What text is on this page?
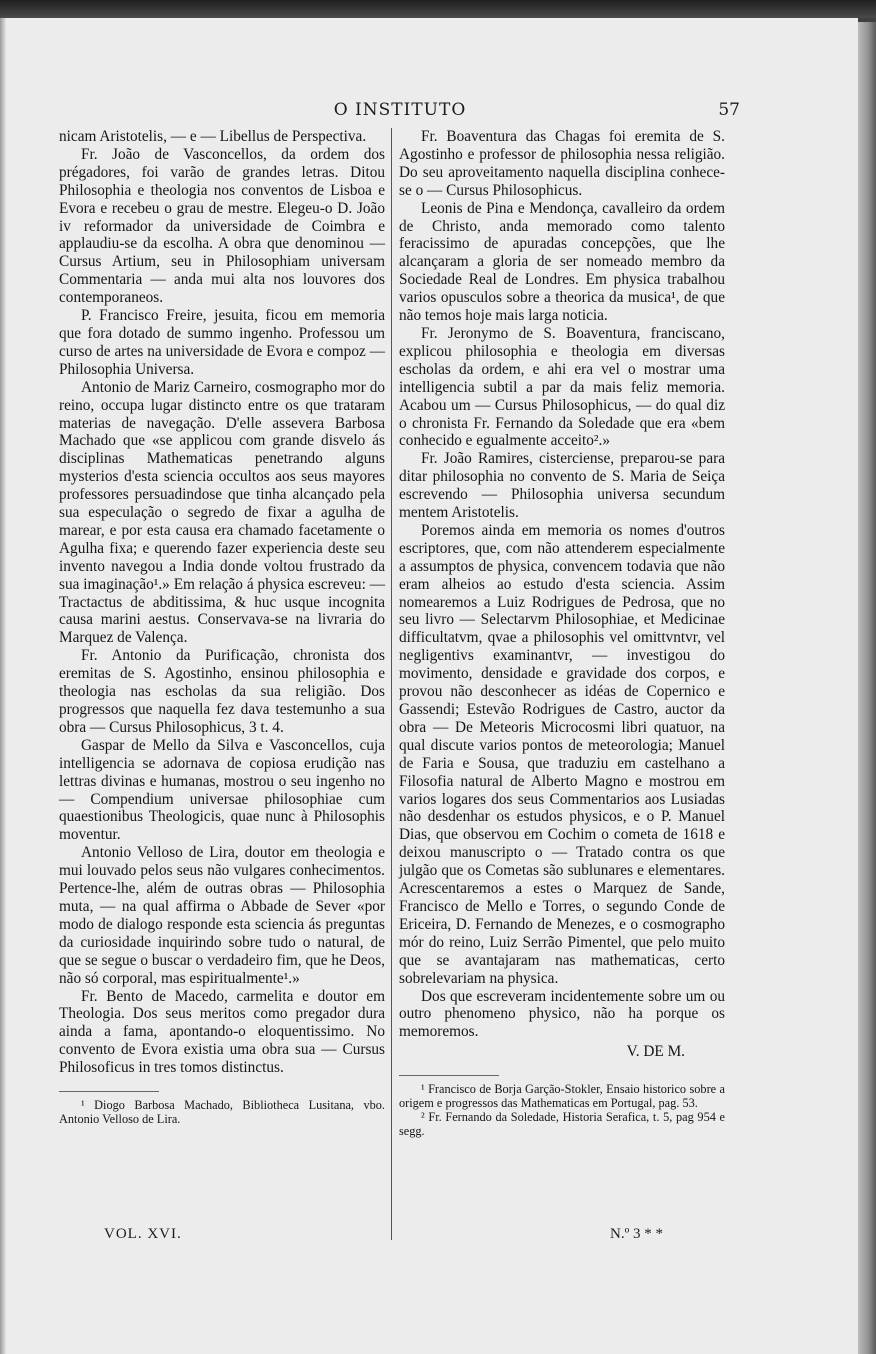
O INSTITUTO	57

nicam Aristotelis, — e — Libellus de Perspectiva.

Fr. João de Vasconcellos, da ordem dos prégadores, foi varão de grandes letras. Ditou Philosophia e theologia nos conventos de Lisboa e Evora e recebeu o grau de mestre. Elegeu-o D. João iv reformador da universidade de Coimbra e applaudiu-se da escolha. A obra que denominou — Cursus Artium, seu in Philosophiam universam Commentaria — anda mui alta nos louvores dos contemporaneos.

P. Francisco Freire, jesuita, ficou em memoria que fora dotado de summo ingenho. Professou um curso de artes na universidade de Evora e compoz — Philosophia Universa.

Antonio de Mariz Carneiro, cosmographo mor do reino, occupa lugar distincto entre os que trataram materias de navegação. D'elle assevera Barbosa Machado que «se applicou com grande disvelo ás disciplinas Mathematicas penetrando alguns mysterios d'esta sciencia occultos aos seus mayores professores persuadindose que tinha alcançado pela sua especulação o segredo de fixar a agulha de marear, e por esta causa era chamado facetamente o Agulha fixa; e querendo fazer experiencia deste seu invento navegou a India donde voltou frustrado da sua imaginação¹.» Em relação á physica escreveu: — Tractactus de abditissima, & huc usque incognita causa marini aestus. Conservava-se na livraria do Marquez de Valença.

Fr. Antonio da Purificação, chronista dos eremitas de S. Agostinho, ensinou philosophia e theologia nas escholas da sua religião. Dos progressos que naquella fez dava testemunho a sua obra — Cursus Philosophicus, 3 t. 4.

Gaspar de Mello da Silva e Vasconcellos, cuja intelligencia se adornava de copiosa erudição nas lettras divinas e humanas, mostrou o seu ingenho no — Compendium universae philosophiae cum quaestionibus Theologicis, quae nunc à Philosophis moventur.

Antonio Velloso de Lira, doutor em theologia e mui louvado pelos seus não vulgares conhecimentos. Pertence-lhe, além de outras obras — Philosophia muta, — na qual affirma o Abbade de Sever «por modo de dialogo responde esta sciencia ás preguntas da curiosidade inquirindo sobre tudo o natural, de que se segue o buscar o verdadeiro fim, que he Deos, não só corporal, mas espiritualmente¹.»

Fr. Bento de Macedo, carmelita e doutor em Theologia. Dos seus meritos como pregador dura ainda a fama, apontando-o eloquentissimo. No convento de Evora existia uma obra sua — Cursus Philosoficus in tres tomos distinctus.

¹ Diogo Barbosa Machado, Bibliotheca Lusitana, vbo. Antonio Velloso de Lira.

Fr. Boaventura das Chagas foi eremita de S. Agostinho e professor de philosophia nessa religião. Do seu aproveitamento naquella disciplina conhece-se o — Cursus Philosophicus.

Leonis de Pina e Mendonça, cavalleiro da ordem de Christo, anda memorado como talento feracissimo de apuradas concepções, que lhe alcançaram a gloria de ser nomeado membro da Sociedade Real de Londres. Em physica trabalhou varios opusculos sobre a theorica da musica¹, de que não temos hoje mais larga noticia.

Fr. Jeronymo de S. Boaventura, franciscano, explicou philosophia e theologia em diversas escholas da ordem, e ahi era vel o mostrar uma intelligencia subtil a par da mais feliz memoria. Acabou um — Cursus Philosophicus, — do qual diz o chronista Fr. Fernando da Soledade que era «bem conhecido e egualmente acceito².»

Fr. João Ramires, cisterciense, preparou-se para ditar philosophia no convento de S. Maria de Seiça escrevendo — Philosophia universa secundum mentem Aristotelis.

Poremos ainda em memoria os nomes d'outros escriptores, que, com não attenderem especialmente a assumptos de physica, convencem todavia que não eram alheios ao estudo d'esta sciencia. Assim nomearemos a Luiz Rodrigues de Pedrosa, que no seu livro — Selectarvm Philosophiae, et Medicinae difficultatvm, qvae a philosophis vel omittvntvr, vel negligentivs examinantvr, — investigou do movimento, densidade e gravidade dos corpos, e provou não desconhecer as idéas de Copernico e Gassendi; Estevão Rodrigues de Castro, auctor da obra — De Meteoris Microcosmi libri quatuor, na qual discute varios pontos de meteorologia; Manuel de Faria e Sousa, que traduziu em castelhano a Filosofia natural de Alberto Magno e mostrou em varios logares dos seus Commentarios aos Lusiadas não desdenhar os estudos physicos, e o P. Manuel Dias, que observou em Cochim o cometa de 1618 e deixou manuscripto o — Tratado contra os que julgão que os Cometas são sublunares e elementares. Acrescentaremos a estes o Marquez de Sande, Francisco de Mello e Torres, o segundo Conde de Ericeira, D. Fernando de Menezes, e o cosmographo mór do reino, Luiz Serrão Pimentel, que pelo muito que se avantajaram nas mathematicas, certo sobrelevariam na physica.

Dos que escreveram incidentemente sobre um ou outro phenomeno physico, não ha porque os memoremos.

V. DE M.

¹ Francisco de Borja Garção-Stokler, Ensaio historico sobre a origem e progressos das Mathematicas em Portugal, pag. 53.

² Fr. Fernando da Soledade, Historia Serafica, t. 5, pag 954 e segg.

VOL. XVI.	N.º 3 * *
